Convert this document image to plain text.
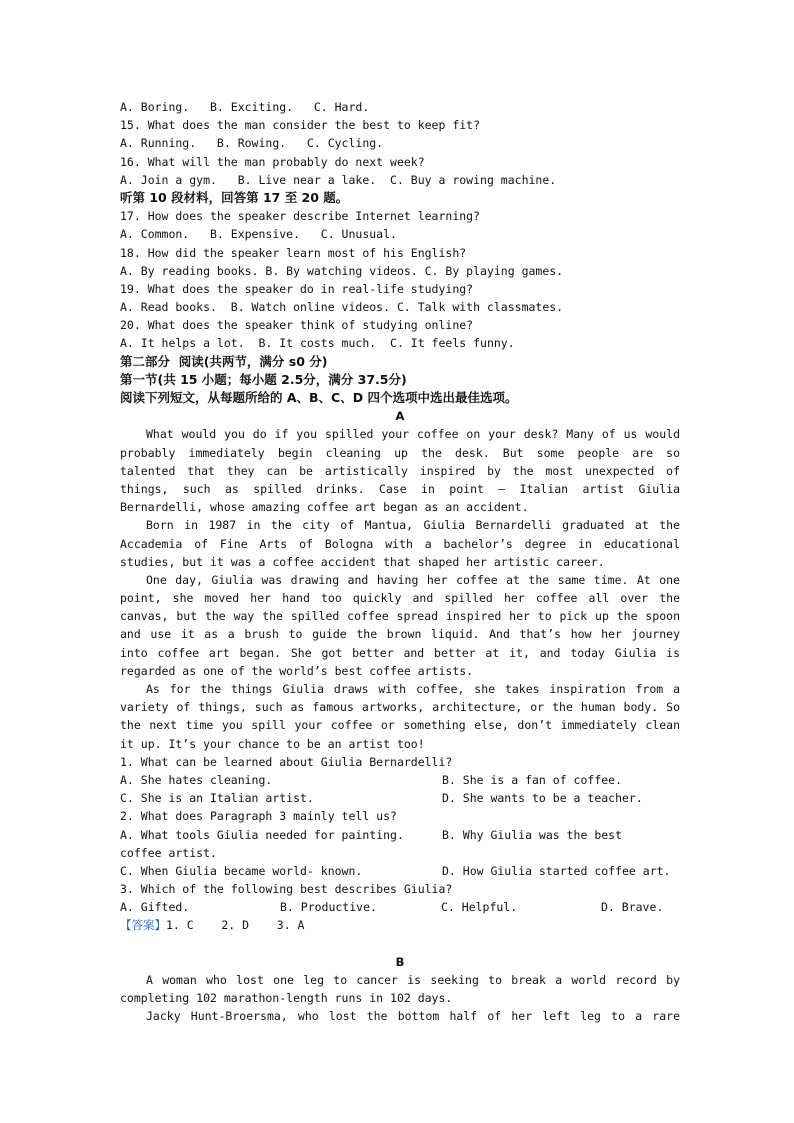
A. Boring.   B. Exciting.   C. Hard.
15. What does the man consider the best to keep fit?
A. Running.   B. Rowing.   C. Cycling.
16. What will the man probably do next week?
A. Join a gym.   B. Live near a lake.  C. Buy a rowing machine.
听第 10 段材料，回答第 17 至 20 题。
17. How does the speaker describe Internet learning?
A. Common.   B. Expensive.   C. Unusual.
18. How did the speaker learn most of his English?
A. By reading books. B. By watching videos. C. By playing games.
19. What does the speaker do in real-life studying?
A. Read books.  B. Watch online videos. C. Talk with classmates.
20. What does the speaker think of studying online?
A. It helps a lot.  B. It costs much.  C. It feels funny.
第二部分  阅读(共两节，满分 s0 分)
第一节(共 15 小题；每小题 2.5分，满分 37.5分)
阅读下列短文，从每题所给的 A、B、C、D 四个选项中选出最佳选项。
A
What would you do if you spilled your coffee on your desk? Many of us would
probably immediately begin cleaning up the desk. But some people are so
talented that they can be artistically inspired by the most unexpected of
things, such as spilled drinks. Case in point — Italian artist Giulia
Bernardelli, whose amazing coffee art began as an accident.
Born in 1987 in the city of Mantua, Giulia Bernardelli graduated at the
Accademia of Fine Arts of Bologna with a bachelor’s degree in educational
studies, but it was a coffee accident that shaped her artistic career.
One day, Giulia was drawing and having her coffee at the same time. At one
point, she moved her hand too quickly and spilled her coffee all over the
canvas, but the way the spilled coffee spread inspired her to pick up the spoon
and use it as a brush to guide the brown liquid. And that’s how her journey
into coffee art began. She got better and better at it, and today Giulia is
regarded as one of the world’s best coffee artists.
As for the things Giulia draws with coffee, she takes inspiration from a
variety of things, such as famous artworks, architecture, or the human body. So
the next time you spill your coffee or something else, don’t immediately clean
it up. It’s your chance to be an artist too!
1. What can be learned about Giulia Bernardelli?
A. She hates cleaning.	B. She is a fan of coffee.
C. She is an Italian artist.	D. She wants to be a teacher.
2. What does Paragraph 3 mainly tell us?
A. What tools Giulia needed for painting.	B. Why Giulia was the best
coffee artist.
C. When Giulia became world- known.	D. How Giulia started coffee art.
3. Which of the following best describes Giulia?
A. Gifted.	B. Productive.	C. Helpful.	D. Brave.
【答案】1. C    2. D    3. A
B
A woman who lost one leg to cancer is seeking to break a world record by
completing 102 marathon-length runs in 102 days.
Jacky Hunt-Broersma, who lost the bottom half of her left leg to a rare
